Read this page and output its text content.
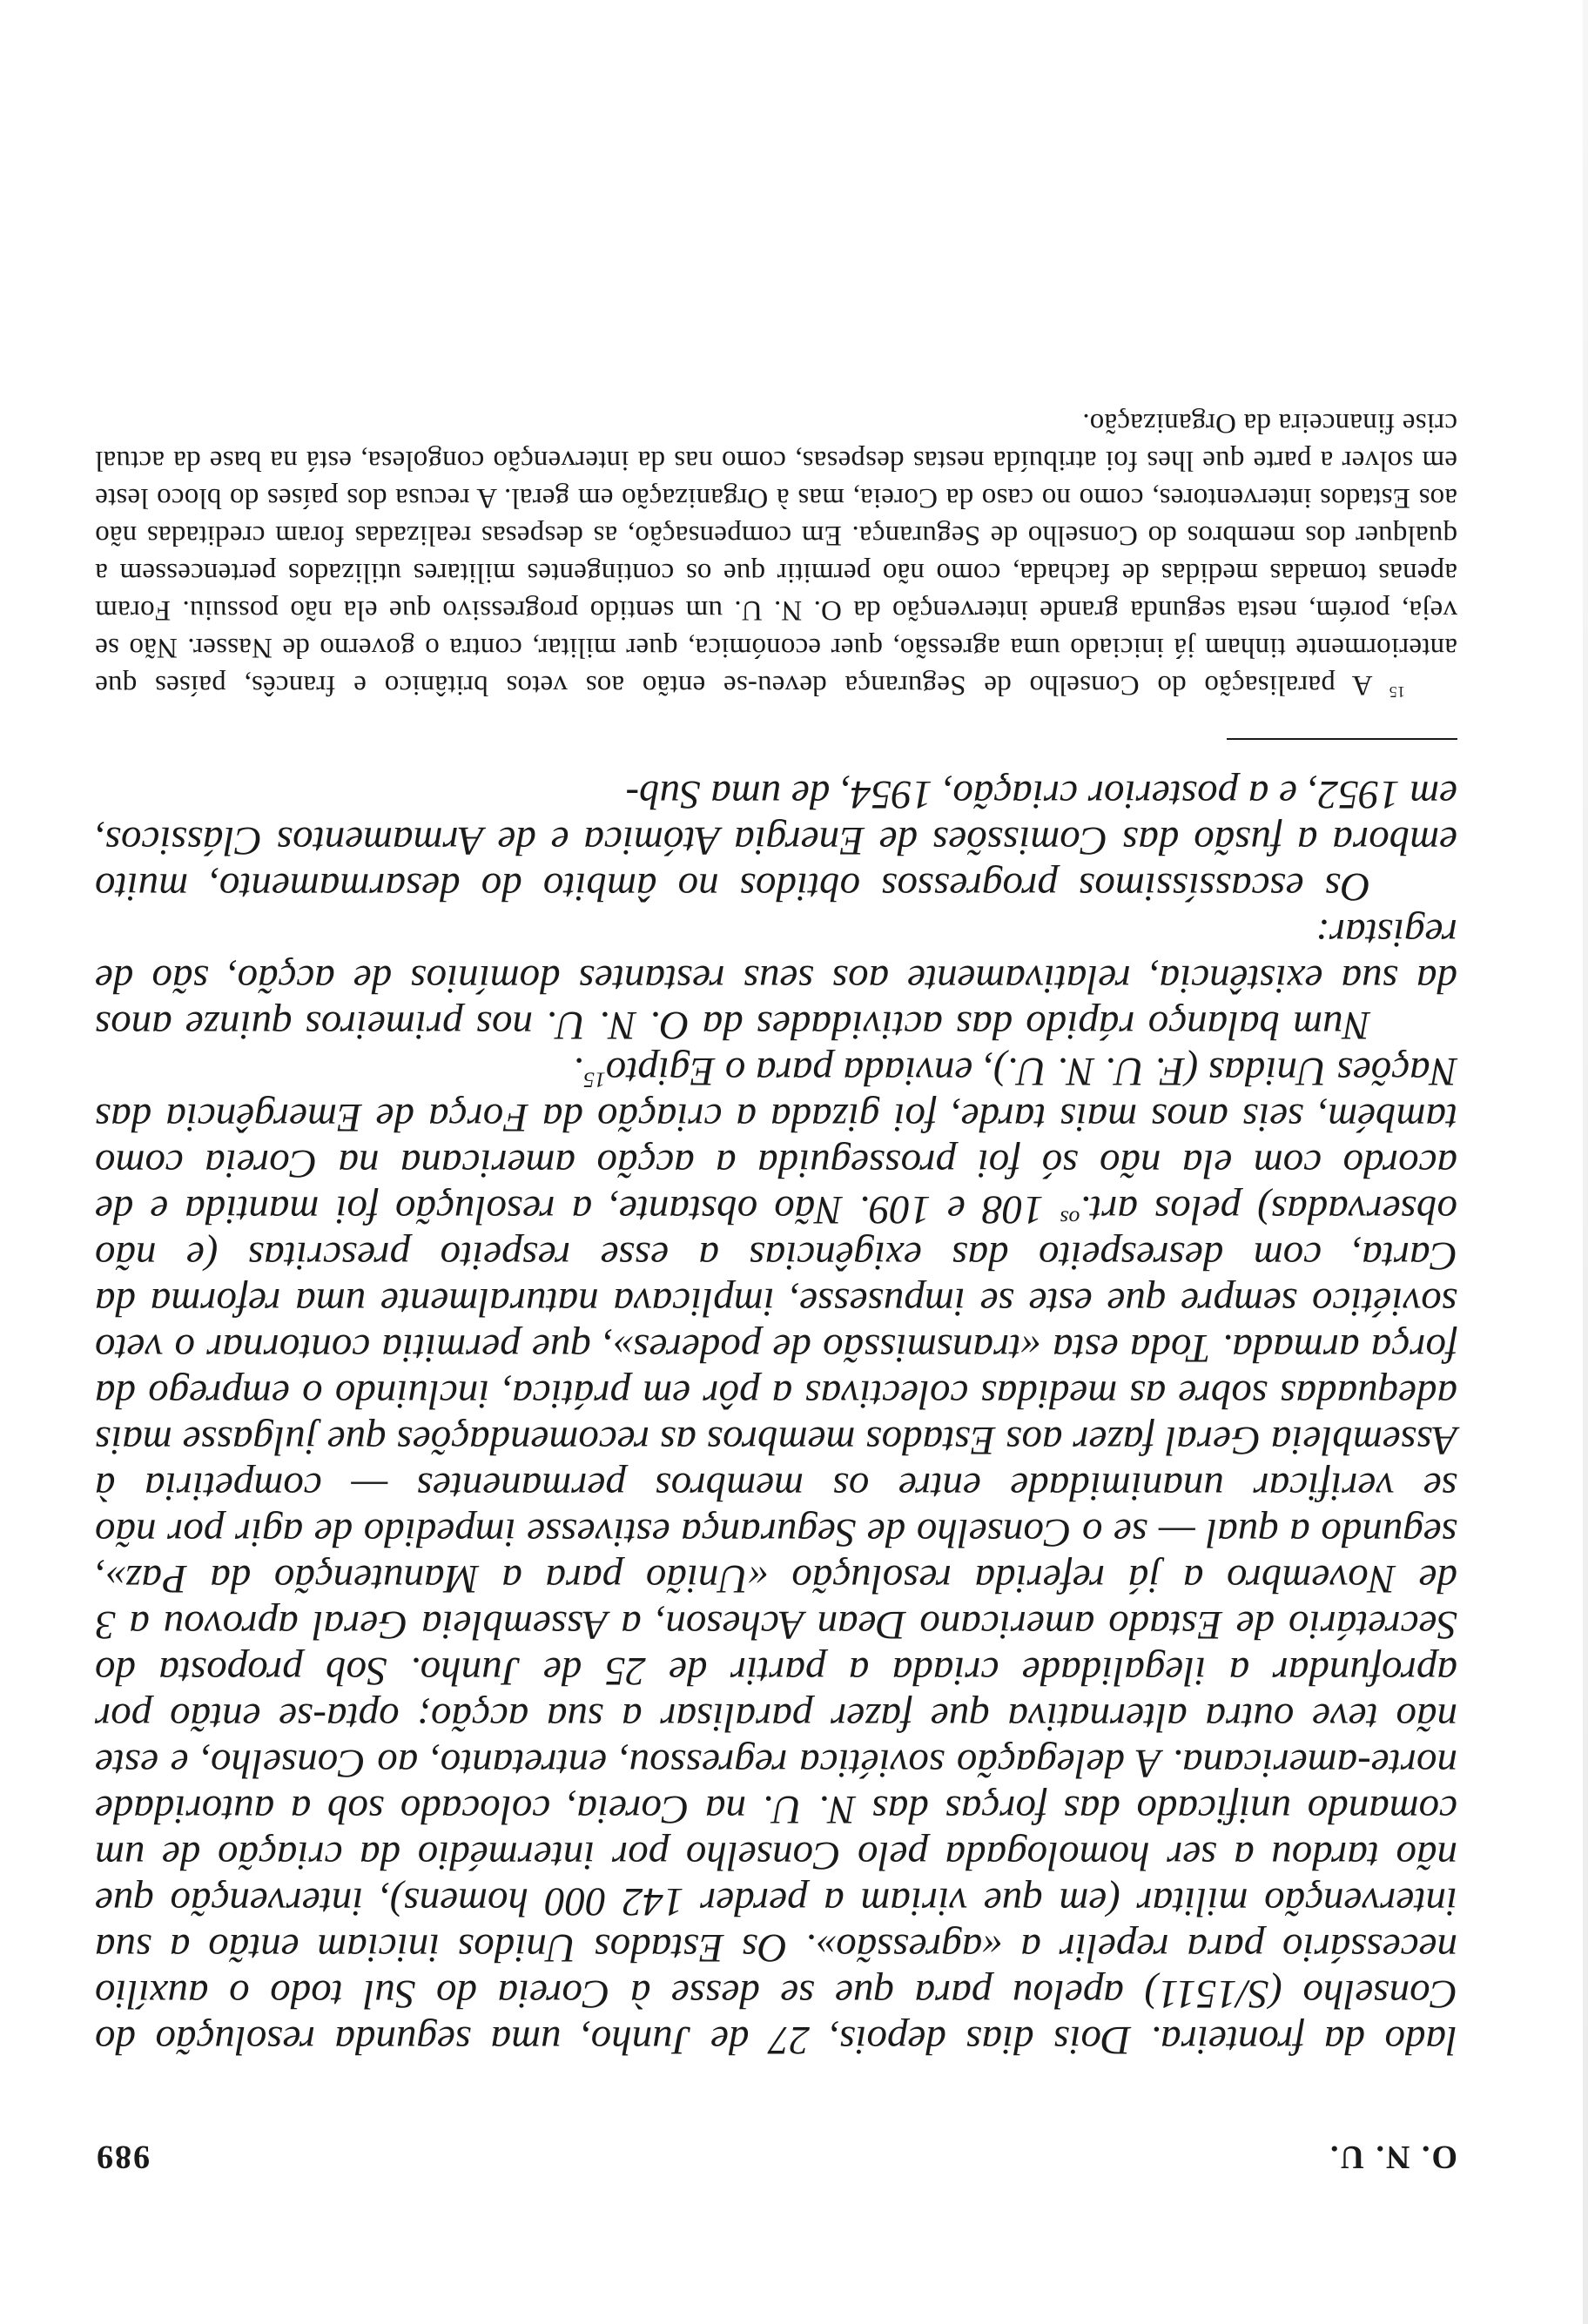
O. N. U.
989

lado da fronteira. Dois dias depois, 27 de Junho, uma segunda resolução do Conselho (S/1511) apelou para que se desse à Coreia do Sul todo o auxílio necessário para repelir a «agressão». Os Estados Unidos iniciam então a sua intervenção militar (em que viriam a perder 142 000 homens), intervenção que não tardou a ser homologada pelo Conselho por intermédio da criação de um comando unificado das forças das N. U. na Coreia, colocado sob a autoridade norte-americana. A delegação soviética regressou, entretanto, ao Conselho, e este não teve outra alternativa que fazer paralisar a sua acção; opta-se então por aprofundar a ilegalidade criada a partir de 25 de Junho. Sob proposta do Secretário de Estado americano Dean Acheson, a Assembleia Geral aprovou a 3 de Novembro a já referida resolução «União para a Manutenção da Paz», segundo a qual — se o Conselho de Segurança estivesse impedido de agir por não se verificar unanimidade entre os membros permanentes — competiria à Assembleia Geral fazer aos Estados membros as recomendações que julgasse mais adequadas sobre as medidas colectivas a pôr em prática, incluindo o emprego da força armada. Toda esta «transmissão de poderes», que permitia contornar o veto soviético sempre que este se impusesse, implicava naturalmente uma reforma da Carta, com desrespeito das exigências a esse respeito prescritas (e não observadas) pelos art.$^{os}$ 108 e 109. Não obstante, a resolução foi mantida e de acordo com ela não só foi prosseguida a acção americana na Coreia como também, seis anos mais tarde, foi gizada a criação da Força de Emergência das Nações Unidas (F. U. N. U.), enviada para o Egipto$^{15}$.

Num balanço rápido das actividades da O. N. U. nos primeiros quinze anos da sua existência, relativamente aos seus restantes domínios de acção, são de registar:

Os escassíssimos progressos obtidos no âmbito do desarmamento, muito embora a fusão das Comissões de Energia Atómica e de Armamentos Clássicos, em 1952, e a posterior criação, 1954, de uma Sub-

$^{15}$ A paralisação do Conselho de Segurança deveu-se então aos vetos britânico e francês, países que anteriormente tinham já iniciado uma agressão, quer económica, quer militar, contra o governo de Nasser. Não se veja, porém, nesta segunda grande intervenção da O. N. U. um sentido progressivo que ela não possuiu. Foram apenas tomadas medidas de fachada, como não permitir que os contingentes militares utilizados pertencessem a qualquer dos membros do Conselho de Segurança. Em compensação, as despesas realizadas foram creditadas não aos Estados interventores, como no caso da Coreia, mas à Organização em geral. A recusa dos países do bloco leste em solver a parte que lhes foi atribuída nestas despesas, como nas da intervenção congolesa, está na base da actual crise financeira da Organização.
